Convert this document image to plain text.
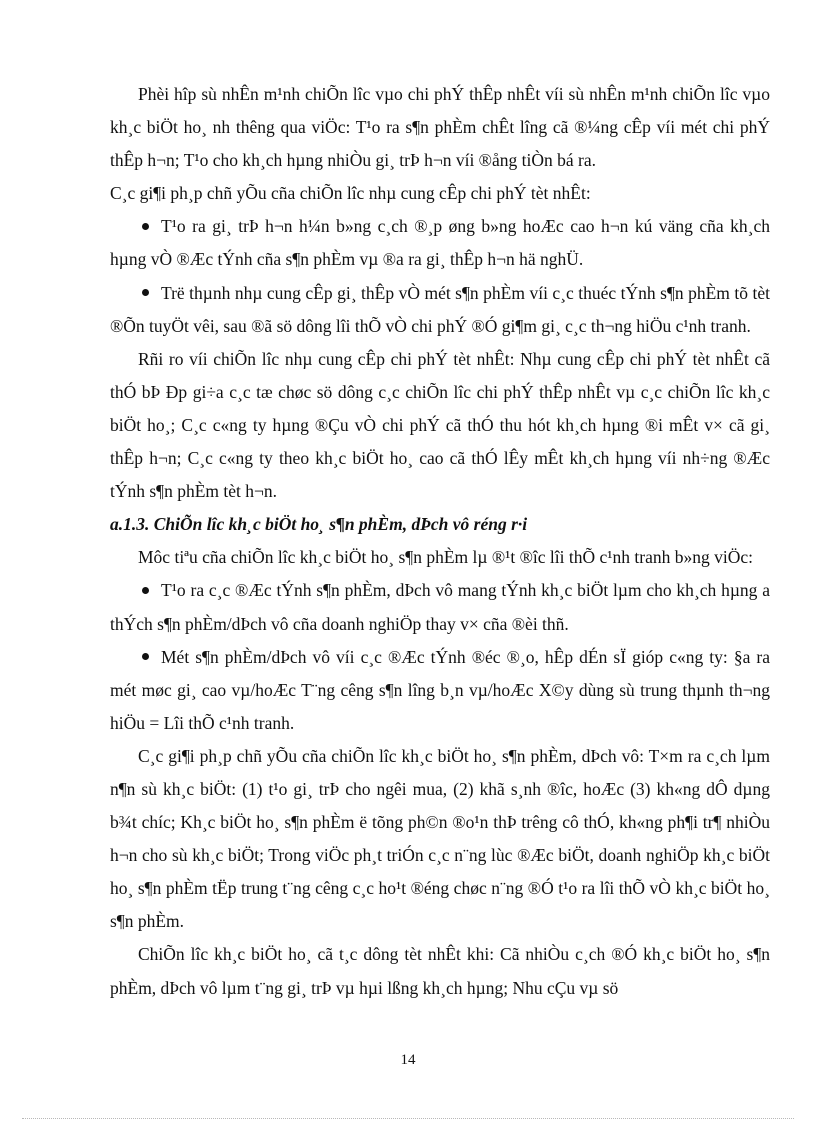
Phèi hîp sù nhÊn m¹nh chiÕn lîc vµo chi phÝ thÊp nhÊt víi sù nhÊn m¹nh chiÕn lîc vµo kh¸c biÖt ho¸ nh thêng qua viÖc: T¹o ra s¶n phÈm chÊt lîng cã ®¼ng cÊp víi mét chi phÝ thÊp h¬n; T¹o cho kh¸ch hµng nhiÒu gi¸ trÞ h¬n víi ®ång tiÒn bá ra.

C¸c gi¶i ph¸p chñ yÕu cña chiÕn lîc nhµ cung cÊp chi phÝ tèt nhÊt:

T¹o ra gi¸ trÞ h¬n h¼n b»ng c¸ch ®¸p øng b»ng hoÆc cao h¬n kú väng cña kh¸ch hµng vÒ ®Æc tÝnh cña s¶n phÈm vµ ®a ra gi¸ thÊp h¬n hä nghÜ.

Trë thµnh nhµ cung cÊp gi¸ thÊp vÒ mét s¶n phÈm víi c¸c thuéc tÝnh s¶n phÈm tõ tèt ®Õn tuyÖt vêi, sau ®ã sö dông lîi thÕ vÒ chi phÝ ®Ó gi¶m gi¸ c¸c th¬ng hiÖu c¹nh tranh.

Rñi ro víi chiÕn lîc nhµ cung cÊp chi phÝ tèt nhÊt: Nhµ cung cÊp chi phÝ tèt nhÊt cã thÓ bÞ Ðp gi÷a c¸c tæ chøc sö dông c¸c chiÕn lîc chi phÝ thÊp nhÊt vµ c¸c chiÕn lîc kh¸c biÖt ho¸; C¸c c«ng ty hµng ®Çu vÒ chi phÝ cã thÓ thu hót kh¸ch hµng ®i mÊt v× cã gi¸ thÊp h¬n; C¸c c«ng ty theo kh¸c biÖt ho¸ cao cã thÓ lÊy mÊt kh¸ch hµng víi nh÷ng ®Æc tÝnh s¶n phÈm tèt h¬n.

a.1.3. ChiÕn lîc kh¸c biÖt ho¸ s¶n phÈm, dÞch vô réng r·i

Môc tiªu cña chiÕn lîc kh¸c biÖt ho¸ s¶n phÈm lµ ®¹t ®îc lîi thÕ c¹nh tranh b»ng viÖc:

T¹o ra c¸c ®Æc tÝnh s¶n phÈm, dÞch vô mang tÝnh kh¸c biÖt lµm cho kh¸ch hµng a thÝch s¶n phÈm/dÞch vô cña doanh nghiÖp thay v× cña ®èi thñ.

Mét s¶n phÈm/dÞch vô víi c¸c ®Æc tÝnh ®éc ®¸o, hÊp dÉn sÏ gióp c«ng ty: §a ra mét møc gi¸ cao vµ/hoÆc T¨ng cêng s¶n lîng b¸n vµ/hoÆc X©y dùng sù trung thµnh th¬ng hiÖu = Lîi thÕ c¹nh tranh.

C¸c gi¶i ph¸p chñ yÕu cña chiÕn lîc kh¸c biÖt ho¸ s¶n phÈm, dÞch vô: T×m ra c¸ch lµm n¶n sù kh¸c biÖt: (1) t¹o gi¸ trÞ cho ngêi mua, (2) khã s¸nh ®îc, hoÆc (3) kh«ng dÔ dµng b¾t chíc; Kh¸c biÖt ho¸ s¶n phÈm ë tõng ph©n ®o¹n thÞ trêng cô thÓ, kh«ng ph¶i tr¶ nhiÒu h¬n cho sù kh¸c biÖt; Trong viÖc ph¸t triÓn c¸c n¨ng lùc ®Æc biÖt, doanh nghiÖp kh¸c biÖt ho¸ s¶n phÈm tËp trung t¨ng cêng c¸c ho¹t ®éng chøc n¨ng ®Ó t¹o ra lîi thÕ vÒ kh¸c biÖt ho¸ s¶n phÈm.

ChiÕn lîc kh¸c biÖt ho¸ cã t¸c dông tèt nhÊt khi: Cã nhiÒu c¸ch ®Ó kh¸c biÖt ho¸ s¶n phÈm, dÞch vô lµm t¨ng gi¸ trÞ vµ hµi lßng kh¸ch hµng; Nhu cÇu vµ sö

14
